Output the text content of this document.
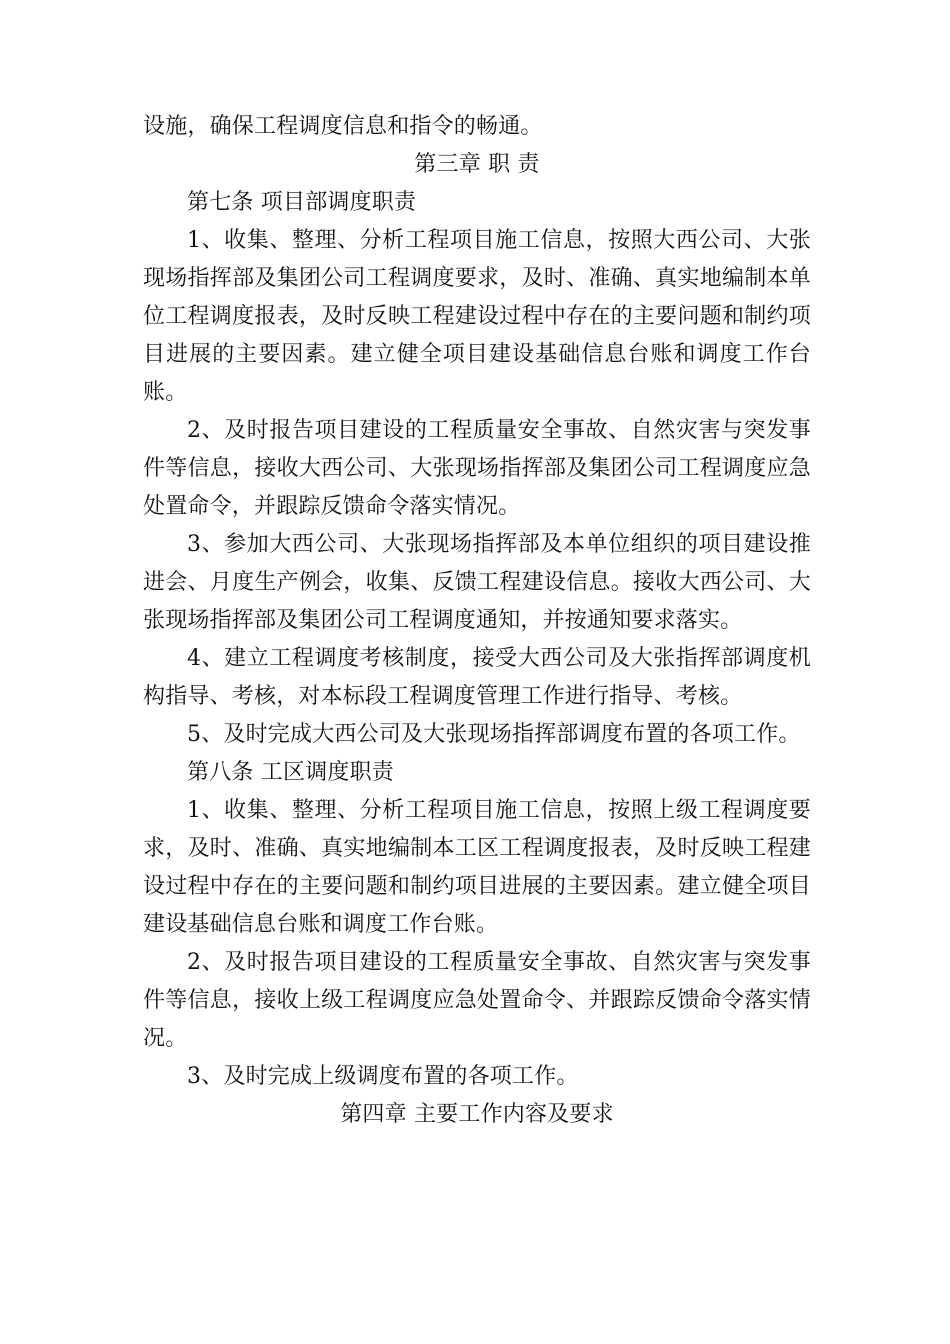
设施，确保工程调度信息和指令的畅通。

第三章 职 责

第七条 项目部调度职责

1、收集、整理、分析工程项目施工信息，按照大西公司、大张现场指挥部及集团公司工程调度要求，及时、准确、真实地编制本单位工程调度报表，及时反映工程建设过程中存在的主要问题和制约项目进展的主要因素。建立健全项目建设基础信息台账和调度工作台账。

2、及时报告项目建设的工程质量安全事故、自然灾害与突发事件等信息，接收大西公司、大张现场指挥部及集团公司工程调度应急处置命令，并跟踪反馈命令落实情况。

3、参加大西公司、大张现场指挥部及本单位组织的项目建设推进会、月度生产例会，收集、反馈工程建设信息。接收大西公司、大张现场指挥部及集团公司工程调度通知，并按通知要求落实。

4、建立工程调度考核制度，接受大西公司及大张指挥部调度机构指导、考核，对本标段工程调度管理工作进行指导、考核。

5、及时完成大西公司及大张现场指挥部调度布置的各项工作。

第八条 工区调度职责

1、收集、整理、分析工程项目施工信息，按照上级工程调度要求，及时、准确、真实地编制本工区工程调度报表，及时反映工程建设过程中存在的主要问题和制约项目进展的主要因素。建立健全项目建设基础信息台账和调度工作台账。

2、及时报告项目建设的工程质量安全事故、自然灾害与突发事件等信息，接收上级工程调度应急处置命令、并跟踪反馈命令落实情况。

3、及时完成上级调度布置的各项工作。

第四章 主要工作内容及要求
